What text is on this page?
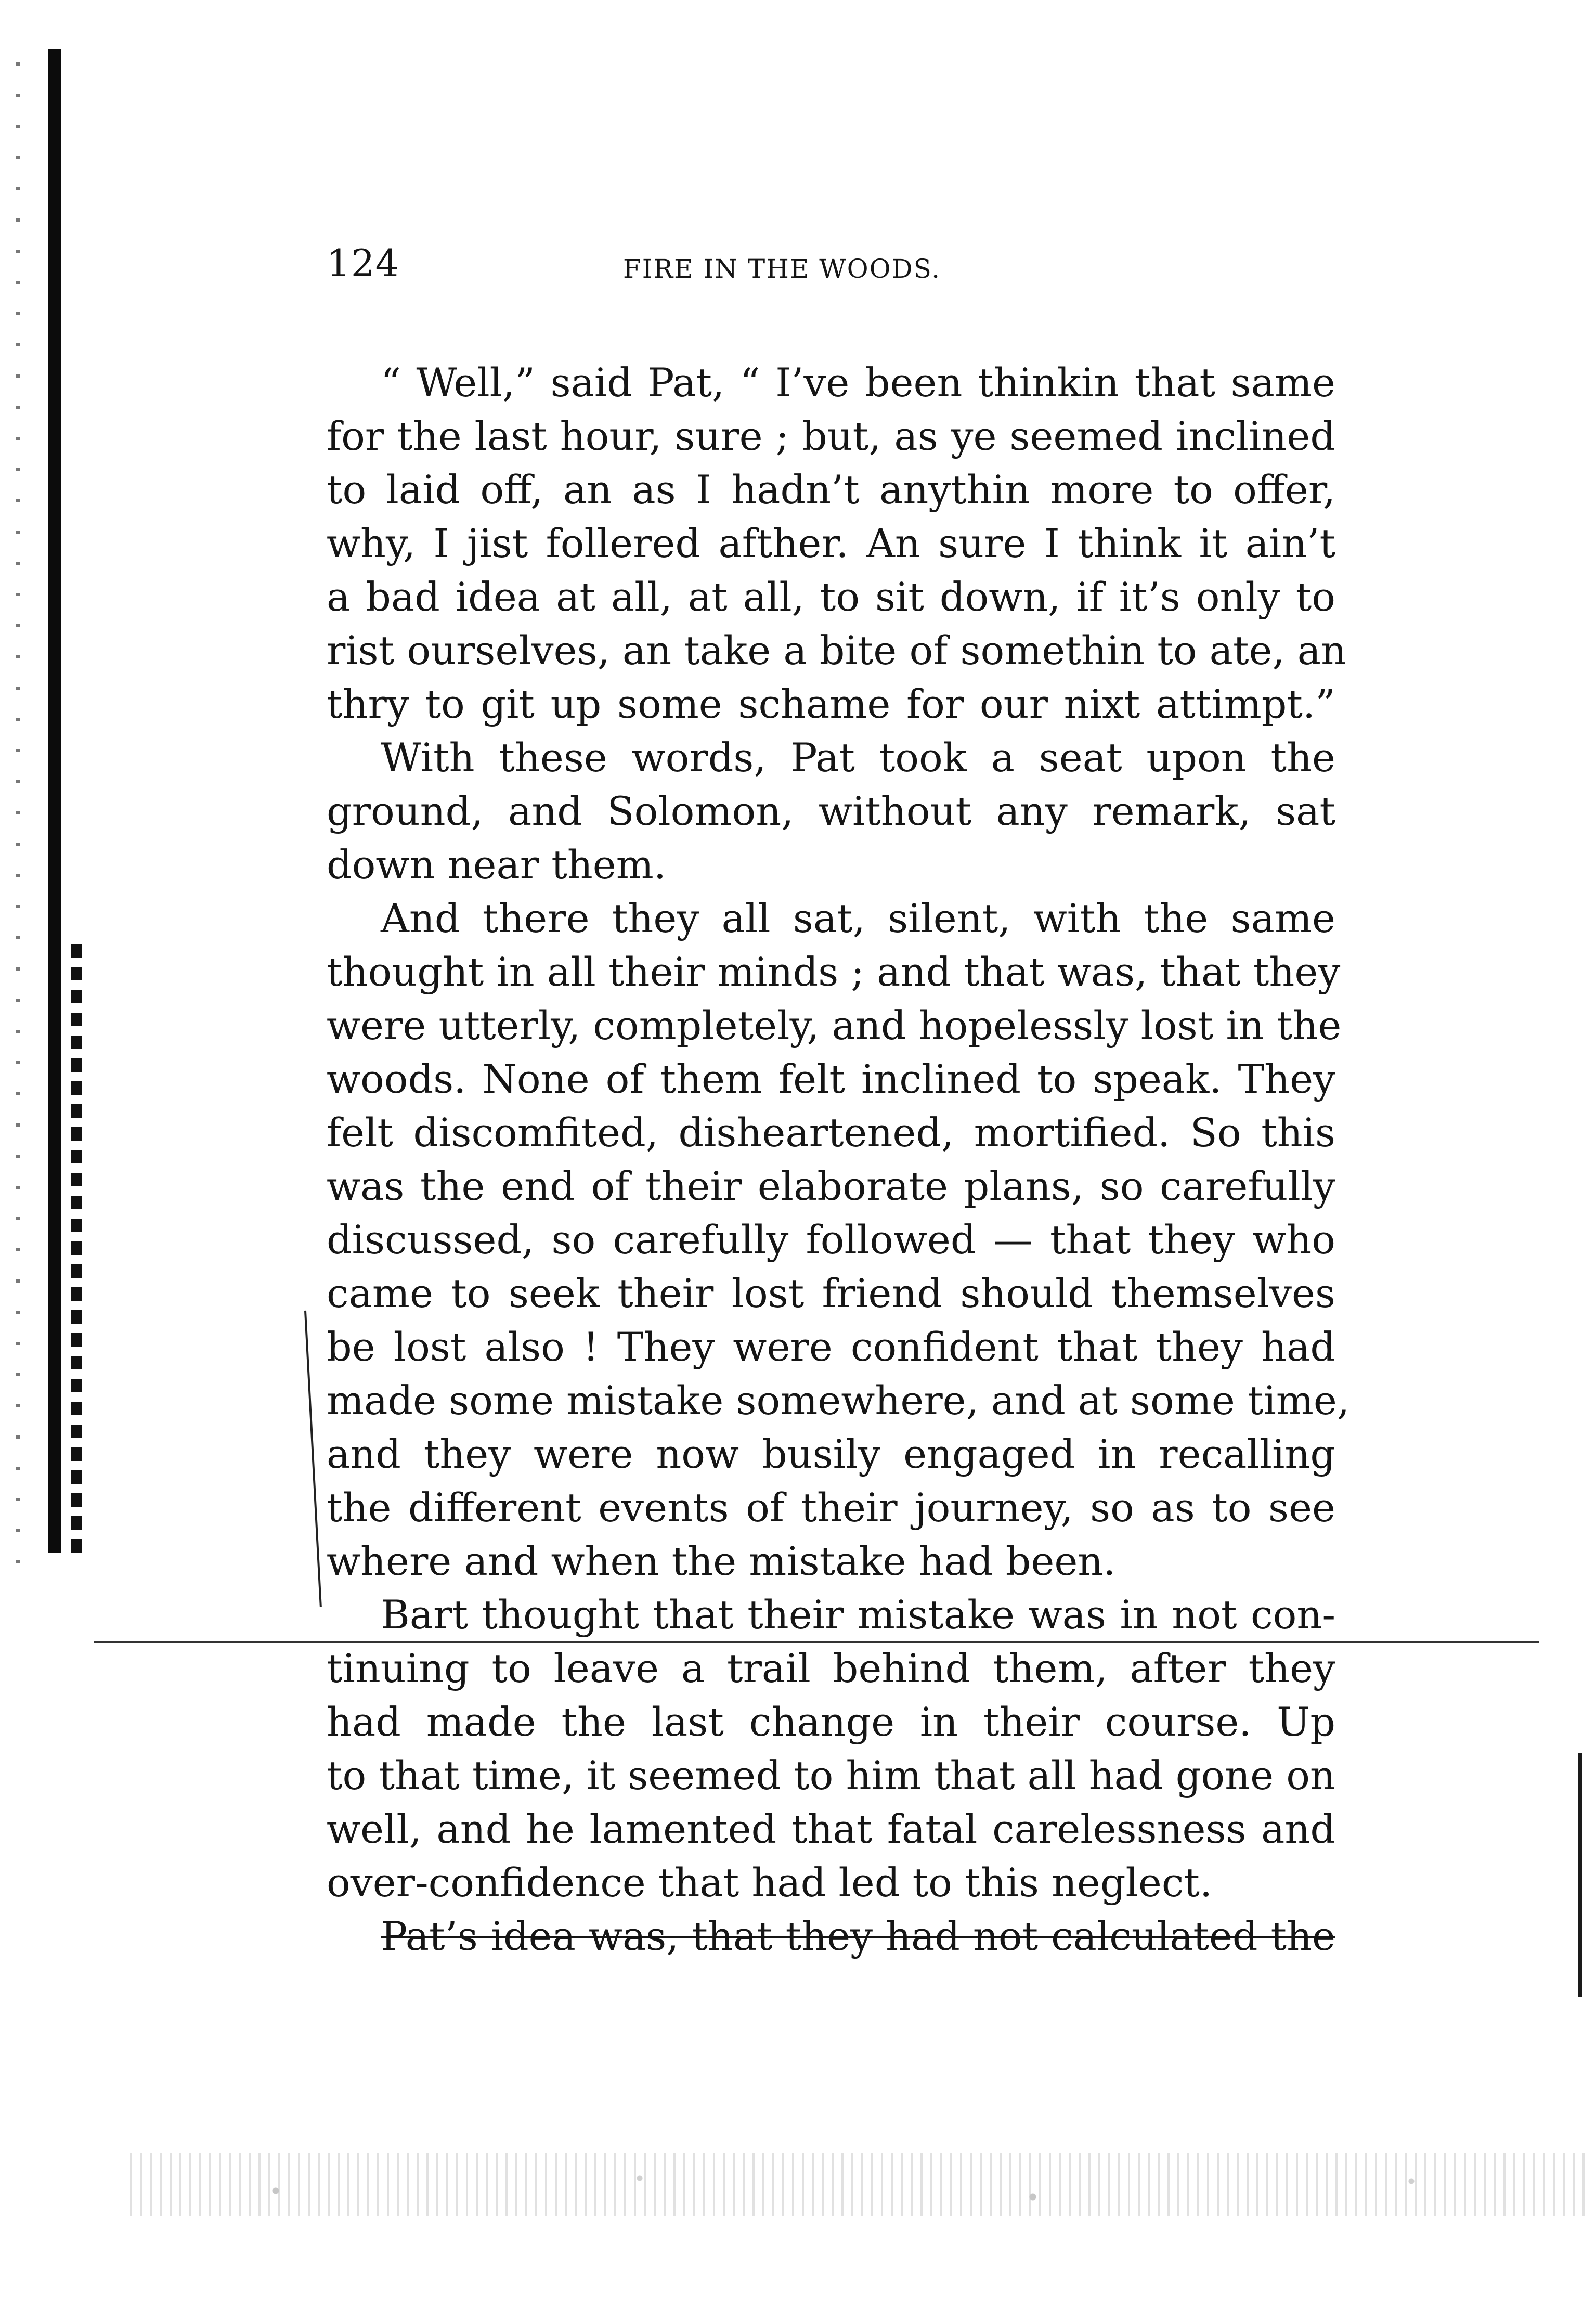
124	FIRE IN THE WOODS.

“ Well,” said Pat, “ I’ve been thinkin that same
for the last hour, sure ; but, as ye seemed inclined
to laid off, an as I hadn’t anythin more to offer,
why, I jist follered afther. An sure I think it ain’t
a bad idea at all, at all, to sit down, if it’s only to
rist ourselves, an take a bite of somethin to ate, an
thry to git up some schame for our nixt attimpt.”

With these words, Pat took a seat upon the
ground, and Solomon, without any remark, sat
down near them.

And there they all sat, silent, with the same
thought in all their minds ; and that was, that they
were utterly, completely, and hopelessly lost in the
woods. None of them felt inclined to speak. They
felt discomfited, disheartened, mortified. So this
was the end of their elaborate plans, so carefully
discussed, so carefully followed — that they who
came to seek their lost friend should themselves
be lost also ! They were confident that they had
made some mistake somewhere, and at some time,
and they were now busily engaged in recalling
the different events of their journey, so as to see
where and when the mistake had been.

Bart thought that their mistake was in not con-
tinuing to leave a trail behind them, after they
had made the last change in their course. Up
to that time, it seemed to him that all had gone on
well, and he lamented that fatal carelessness and
over-confidence that had led to this neglect.

Pat’s idea was, that they had not calculated the
